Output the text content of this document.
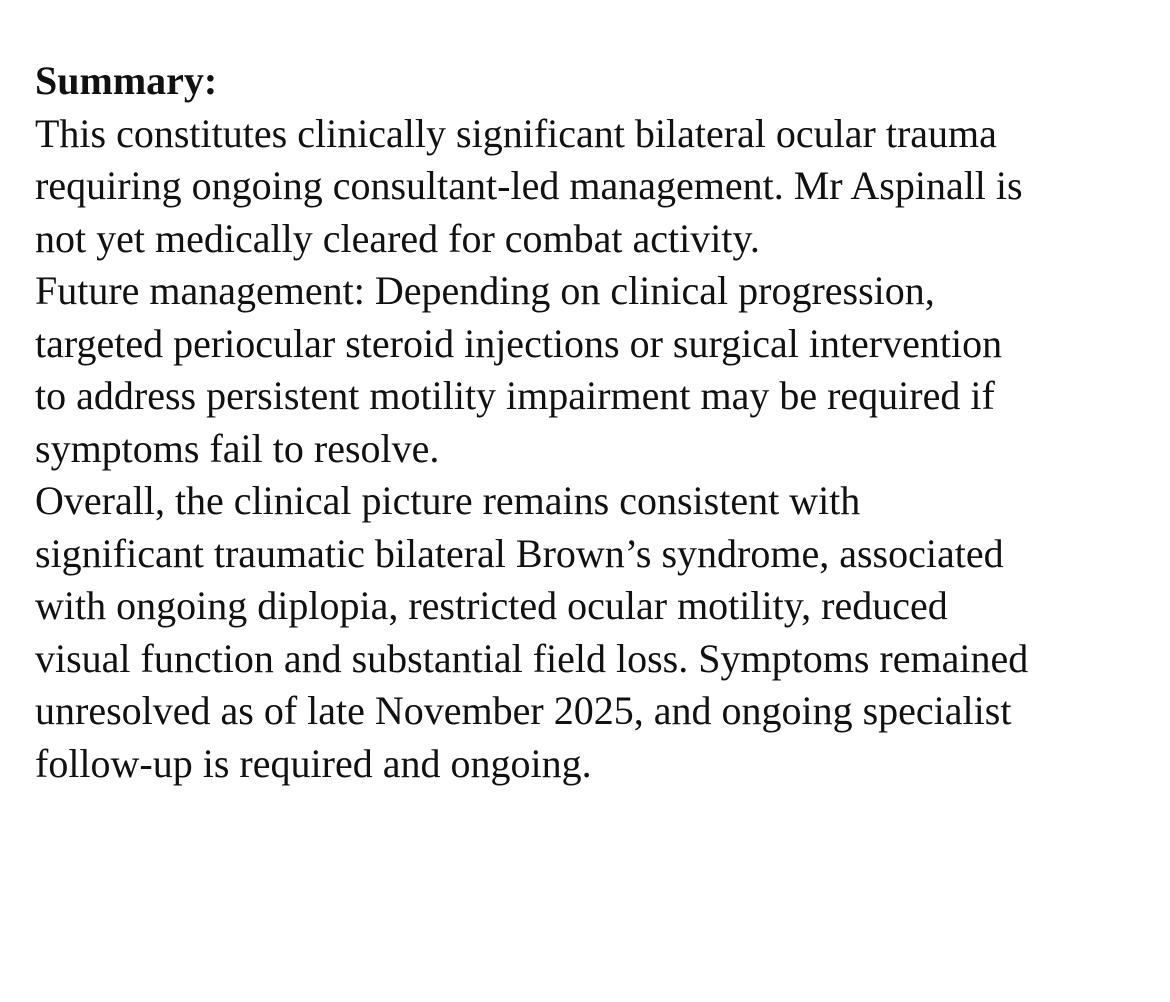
Summary:
This constitutes clinically significant bilateral ocular trauma
requiring ongoing consultant-led management. Mr Aspinall is
not yet medically cleared for combat activity.
Future management: Depending on clinical progression,
targeted periocular steroid injections or surgical intervention
to address persistent motility impairment may be required if
symptoms fail to resolve.
Overall, the clinical picture remains consistent with
significant traumatic bilateral Brown’s syndrome, associated
with ongoing diplopia, restricted ocular motility, reduced
visual function and substantial field loss. Symptoms remained
unresolved as of late November 2025, and ongoing specialist
follow-up is required and ongoing.
